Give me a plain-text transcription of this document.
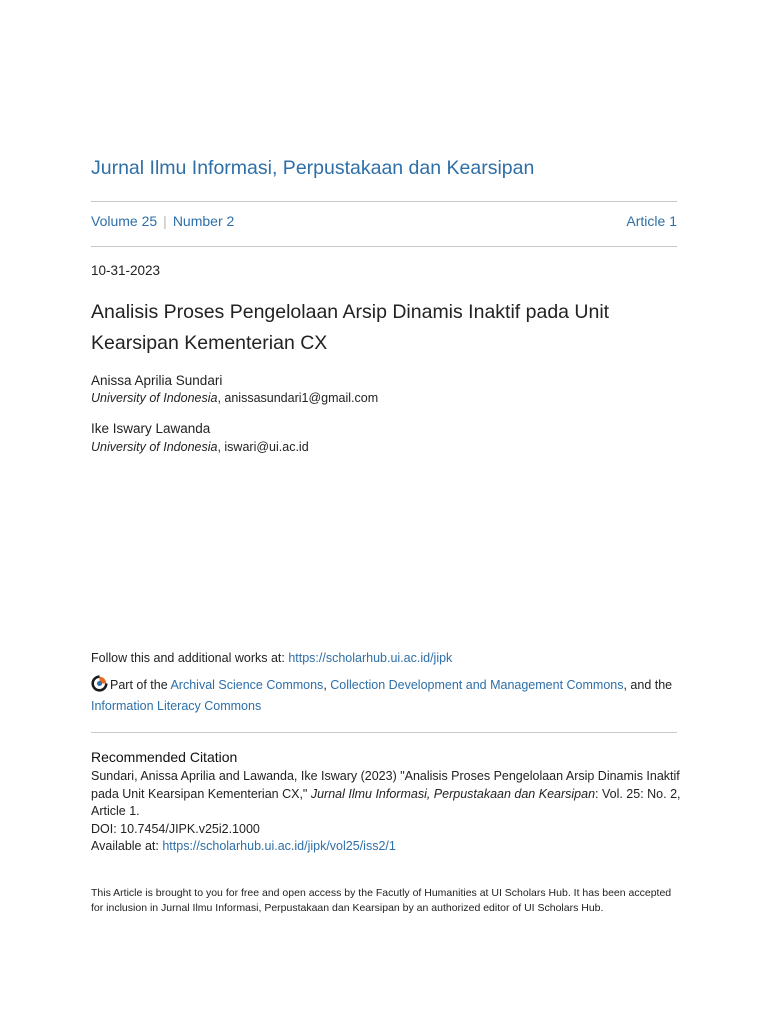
Jurnal Ilmu Informasi, Perpustakaan dan Kearsipan
Volume 25 | Number 2	Article 1
10-31-2023
Analisis Proses Pengelolaan Arsip Dinamis Inaktif pada Unit Kearsipan Kementerian CX
Anissa Aprilia Sundari
University of Indonesia, anissasundari1@gmail.com
Ike Iswary Lawanda
University of Indonesia, iswari@ui.ac.id
Follow this and additional works at: https://scholarhub.ui.ac.id/jipk
Part of the Archival Science Commons, Collection Development and Management Commons, and the
Information Literacy Commons
Recommended Citation
Sundari, Anissa Aprilia and Lawanda, Ike Iswary (2023) "Analisis Proses Pengelolaan Arsip Dinamis Inaktif pada Unit Kearsipan Kementerian CX," Jurnal Ilmu Informasi, Perpustakaan dan Kearsipan: Vol. 25: No. 2, Article 1.
DOI: 10.7454/JIPK.v25i2.1000
Available at: https://scholarhub.ui.ac.id/jipk/vol25/iss2/1
This Article is brought to you for free and open access by the Facutly of Humanities at UI Scholars Hub. It has been accepted for inclusion in Jurnal Ilmu Informasi, Perpustakaan dan Kearsipan by an authorized editor of UI Scholars Hub.
